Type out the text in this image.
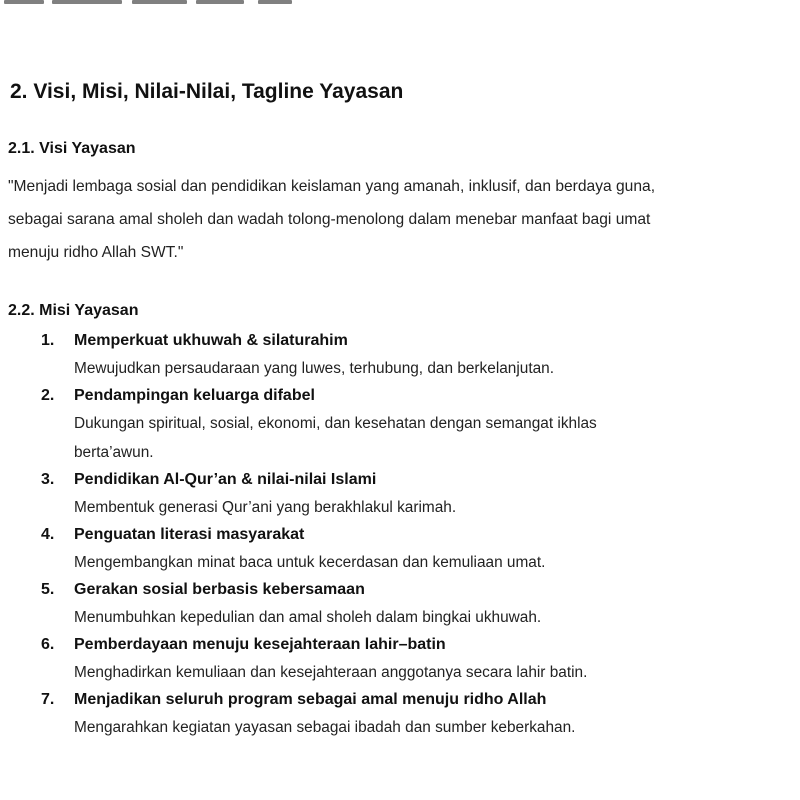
2. Visi, Misi, Nilai-Nilai, Tagline Yayasan
2.1. Visi Yayasan

"Menjadi lembaga sosial dan pendidikan keislaman yang amanah, inklusif, dan berdaya guna,
sebagai sarana amal sholeh dan wadah tolong-menolong dalam menebar manfaat bagi umat
menuju ridho Allah SWT."

2.2. Misi Yayasan
1. Memperkuat ukhuwah & silaturahim
Mewujudkan persaudaraan yang luwes, terhubung, dan berkelanjutan.
2. Pendampingan keluarga difabel
Dukungan spiritual, sosial, ekonomi, dan kesehatan dengan semangat ikhlas
berta’awun.
3. Pendidikan Al-Qur’an & nilai-nilai Islami
Membentuk generasi Qur’ani yang berakhlakul karimah.
4. Penguatan literasi masyarakat
Mengembangkan minat baca untuk kecerdasan dan kemuliaan umat.
5. Gerakan sosial berbasis kebersamaan
Menumbuhkan kepedulian dan amal sholeh dalam bingkai ukhuwah.
6. Pemberdayaan menuju kesejahteraan lahir–batin
Menghadirkan kemuliaan dan kesejahteraan anggotanya secara lahir batin.
7. Menjadikan seluruh program sebagai amal menuju ridho Allah
Mengarahkan kegiatan yayasan sebagai ibadah dan sumber keberkahan.
